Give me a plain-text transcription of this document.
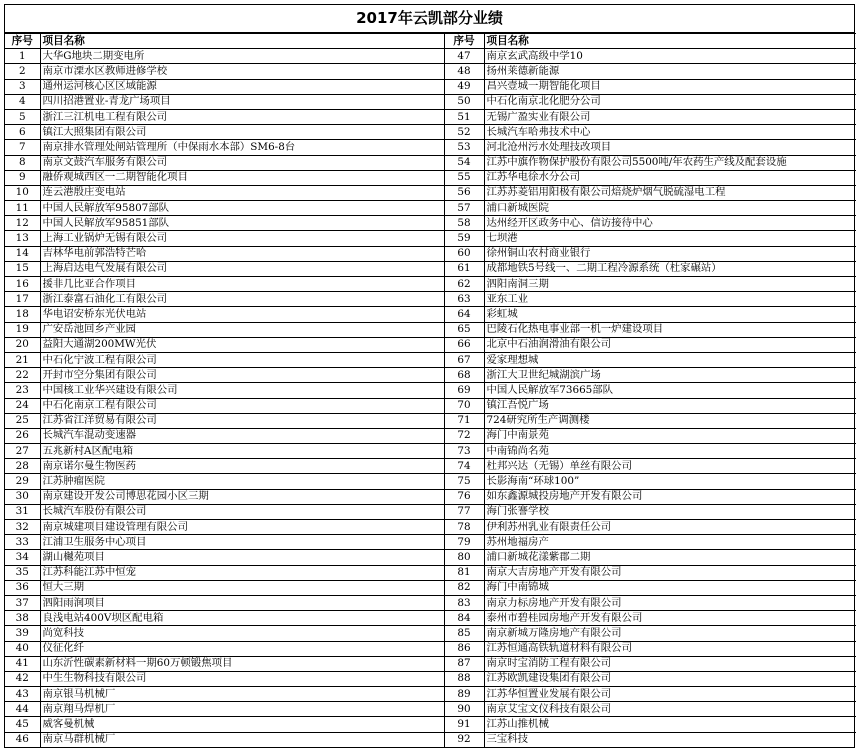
2017年云凯部分业绩
序号	项目名称	序号	项目名称
1	大华G地块二期变电所	47	南京玄武高级中学10
2	南京市溧水区教师进修学校	48	扬州莱德新能源
3	通州运河核心区区域能源	49	昌兴壹城一期智能化项目
4	四川招港置业-青龙广场项目	50	中石化南京北化肥分公司
5	浙江三江机电工程有限公司	51	无锡广盈实业有限公司
6	镇江大照集团有限公司	52	长城汽车哈弗技术中心
7	南京排水管理处闸站管理所（中保雨水本部）SM6-8台	53	河北沧州污水处理技改项目
8	南京文鼓汽车服务有限公司	54	江苏中旗作物保护股份有限公司5500吨/年农药生产线及配套设施
9	融侨观城西区一二期智能化项目	55	江苏华电徐水分公司
10	连云港殷庄变电站	56	江苏苏菱铝用阳极有限公司焙烧炉烟气脱硫湿电工程
11	中国人民解放军95807部队	57	浦口新城医院
12	中国人民解放军95851部队	58	达州经开区政务中心、信访接待中心
13	上海工业锅炉无锡有限公司	59	七坝港
14	吉林华电前郭浩特芒哈	60	徐州铜山农村商业银行
15	上海启达电气发展有限公司	61	成都地铁5号线一、二期工程冷源系统（杜家碾站）
16	援非几比亚合作项目	62	泗阳南洞三期
17	浙江泰富石油化工有限公司	63	亚东工业
18	华电诏安桥东光伏电站	64	彩虹城
19	广安岳池回乡产业园	65	巴陵石化热电事业部一机一炉建设项目
20	益阳大通湖200MW光伏	66	北京中石油润滑油有限公司
21	中石化宁波工程有限公司	67	爱家理想城
22	开封市空分集团有限公司	68	浙江大卫世纪城湖滨广场
23	中国核工业华兴建设有限公司	69	中国人民解放军73665部队
24	中石化南京工程有限公司	70	镇江吾悦广场
25	江苏省江洋贸易有限公司	71	724研究所生产调测楼
26	长城汽车混动变速器	72	海门中南景苑
27	五兆新村A区配电箱	73	中南锦尚名苑
28	南京诺尔曼生物医药	74	杜邦兴达（无锡）单丝有限公司
29	江苏肿瘤医院	75	长影海南“环球100”
30	南京建设开发公司博思花园小区三期	76	如东鑫源城投房地产开发有限公司
31	长城汽车股份有限公司	77	海门张謇学校
32	南京城建项目建设管理有限公司	78	伊利苏州乳业有限责任公司
33	江浦卫生服务中心项目	79	苏州地福房产
34	湖山樾苑项目	80	浦口新城花漾紫郡二期
35	江苏科能江苏中恒宠	81	南京大吉房地产开发有限公司
36	恒大三期	82	海门中南锦城
37	泗阳雨润项目	83	南京力标房地产开发有限公司
38	良浅电站400V坝区配电箱	84	泰州市碧桂园房地产开发有限公司
39	尚宽科技	85	南京新城万隆房地产有限公司
40	仪征化纤	86	江苏恒通高铁轨道材料有限公司
41	山东沂性碳素新材料一期60万顿锻焦项目	87	南京时宝消防工程有限公司
42	中生生物科技有限公司	88	江苏欧凯建设集团有限公司
43	南京银马机械厂	89	江苏华恒置业发展有限公司
44	南京翔马焊机厂	90	南京艾宝文仪科技有限公司
45	威客曼机械	91	江苏山推机械
46	南京马群机械厂	92	三宝科技
